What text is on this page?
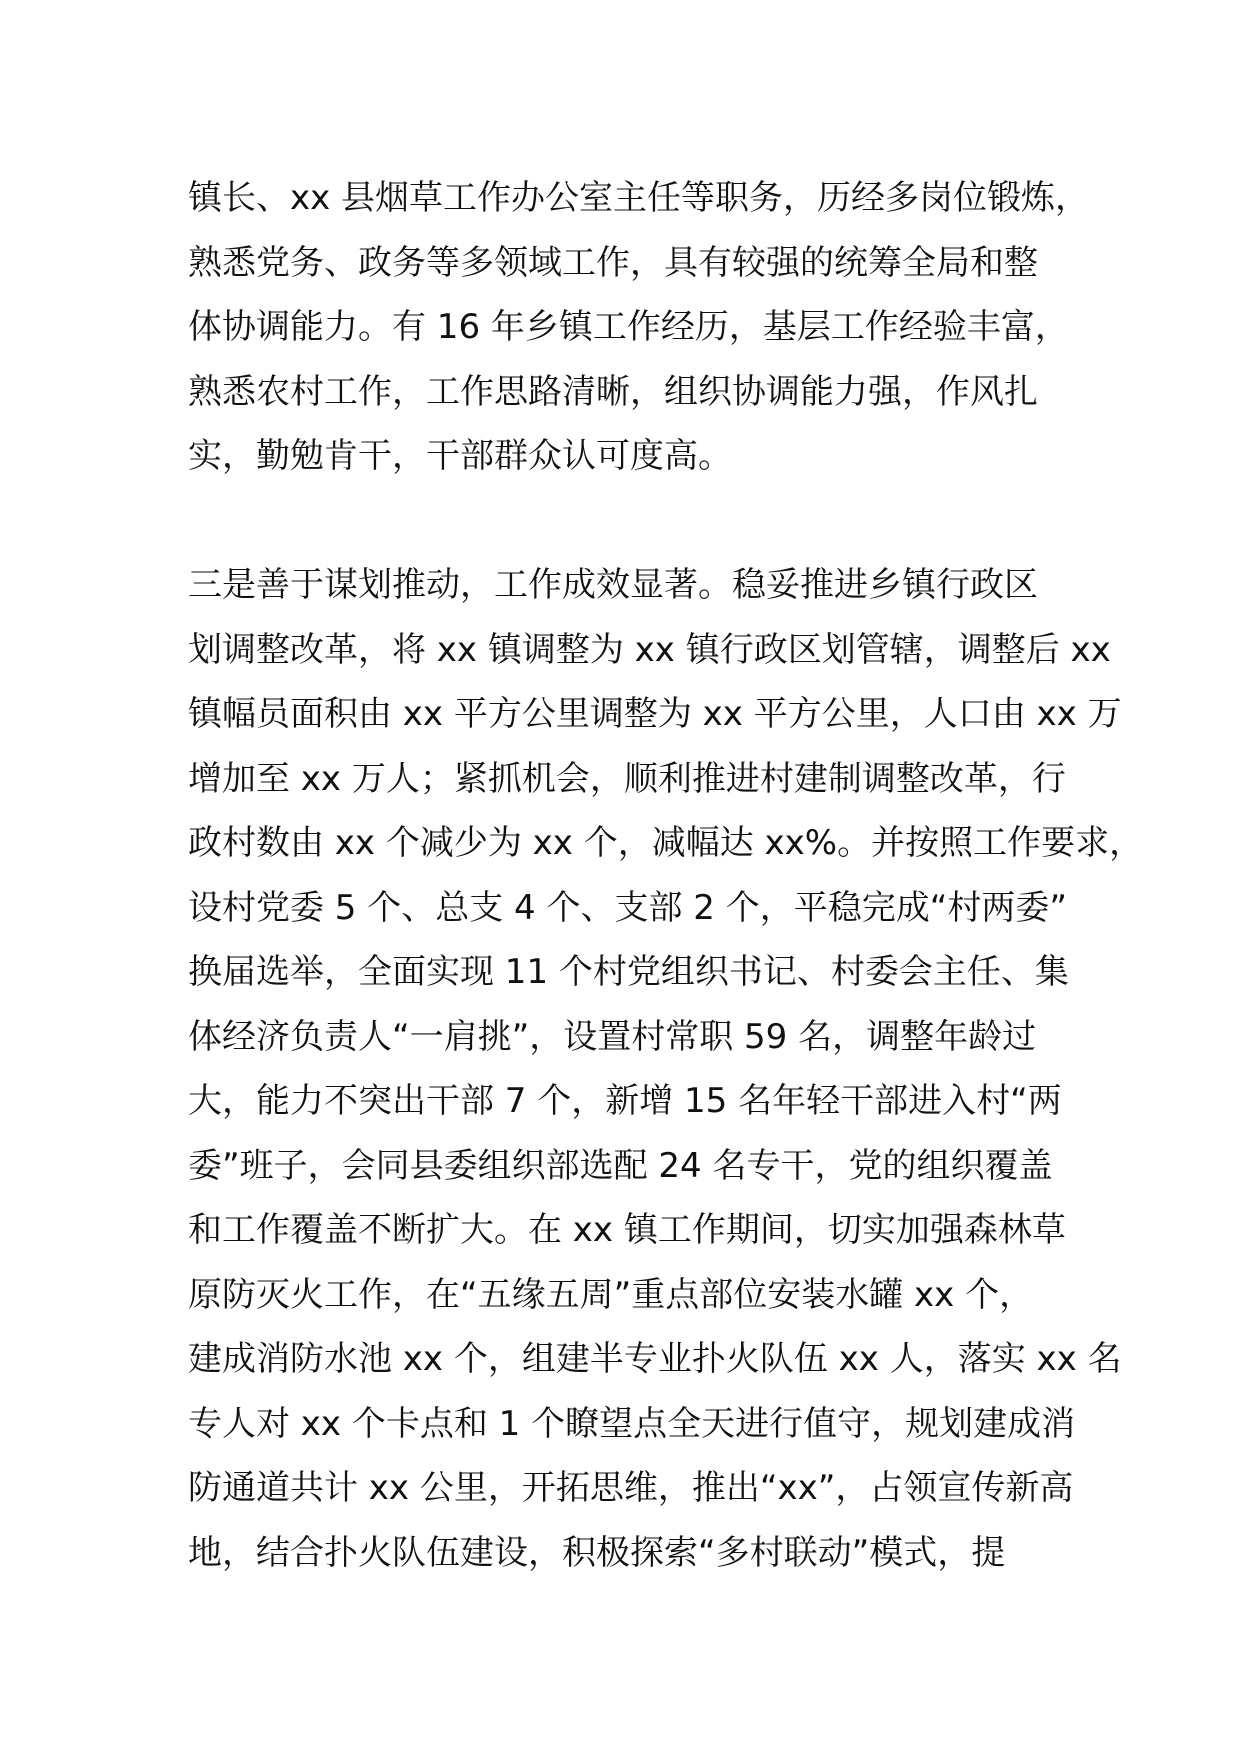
镇长、xx 县烟草工作办公室主任等职务，历经多岗位锻炼，
熟悉党务、政务等多领域工作，具有较强的统筹全局和整
体协调能力。有 16 年乡镇工作经历，基层工作经验丰富，
熟悉农村工作，工作思路清晰，组织协调能力强，作风扎
实，勤勉肯干，干部群众认可度高。
三是善于谋划推动，工作成效显著。稳妥推进乡镇行政区
划调整改革，将 xx 镇调整为 xx 镇行政区划管辖，调整后 xx
镇幅员面积由 xx 平方公里调整为 xx 平方公里，人口由 xx 万
增加至 xx 万人；紧抓机会，顺利推进村建制调整改革，行
政村数由 xx 个减少为 xx 个，减幅达 xx%。并按照工作要求，
设村党委 5 个、总支 4 个、支部 2 个，平稳完成“村两委”
换届选举，全面实现 11 个村党组织书记、村委会主任、集
体经济负责人“一肩挑”，设置村常职 59 名，调整年龄过
大，能力不突出干部 7 个，新增 15 名年轻干部进入村“两
委”班子，会同县委组织部选配 24 名专干，党的组织覆盖
和工作覆盖不断扩大。在 xx 镇工作期间，切实加强森林草
原防灭火工作，在“五缘五周”重点部位安装水罐 xx 个，
建成消防水池 xx 个，组建半专业扑火队伍 xx 人，落实 xx 名
专人对 xx 个卡点和 1 个瞭望点全天进行值守，规划建成消
防通道共计 xx 公里，开拓思维，推出“xx”，占领宣传新高
地，结合扑火队伍建设，积极探索“多村联动”模式，提
